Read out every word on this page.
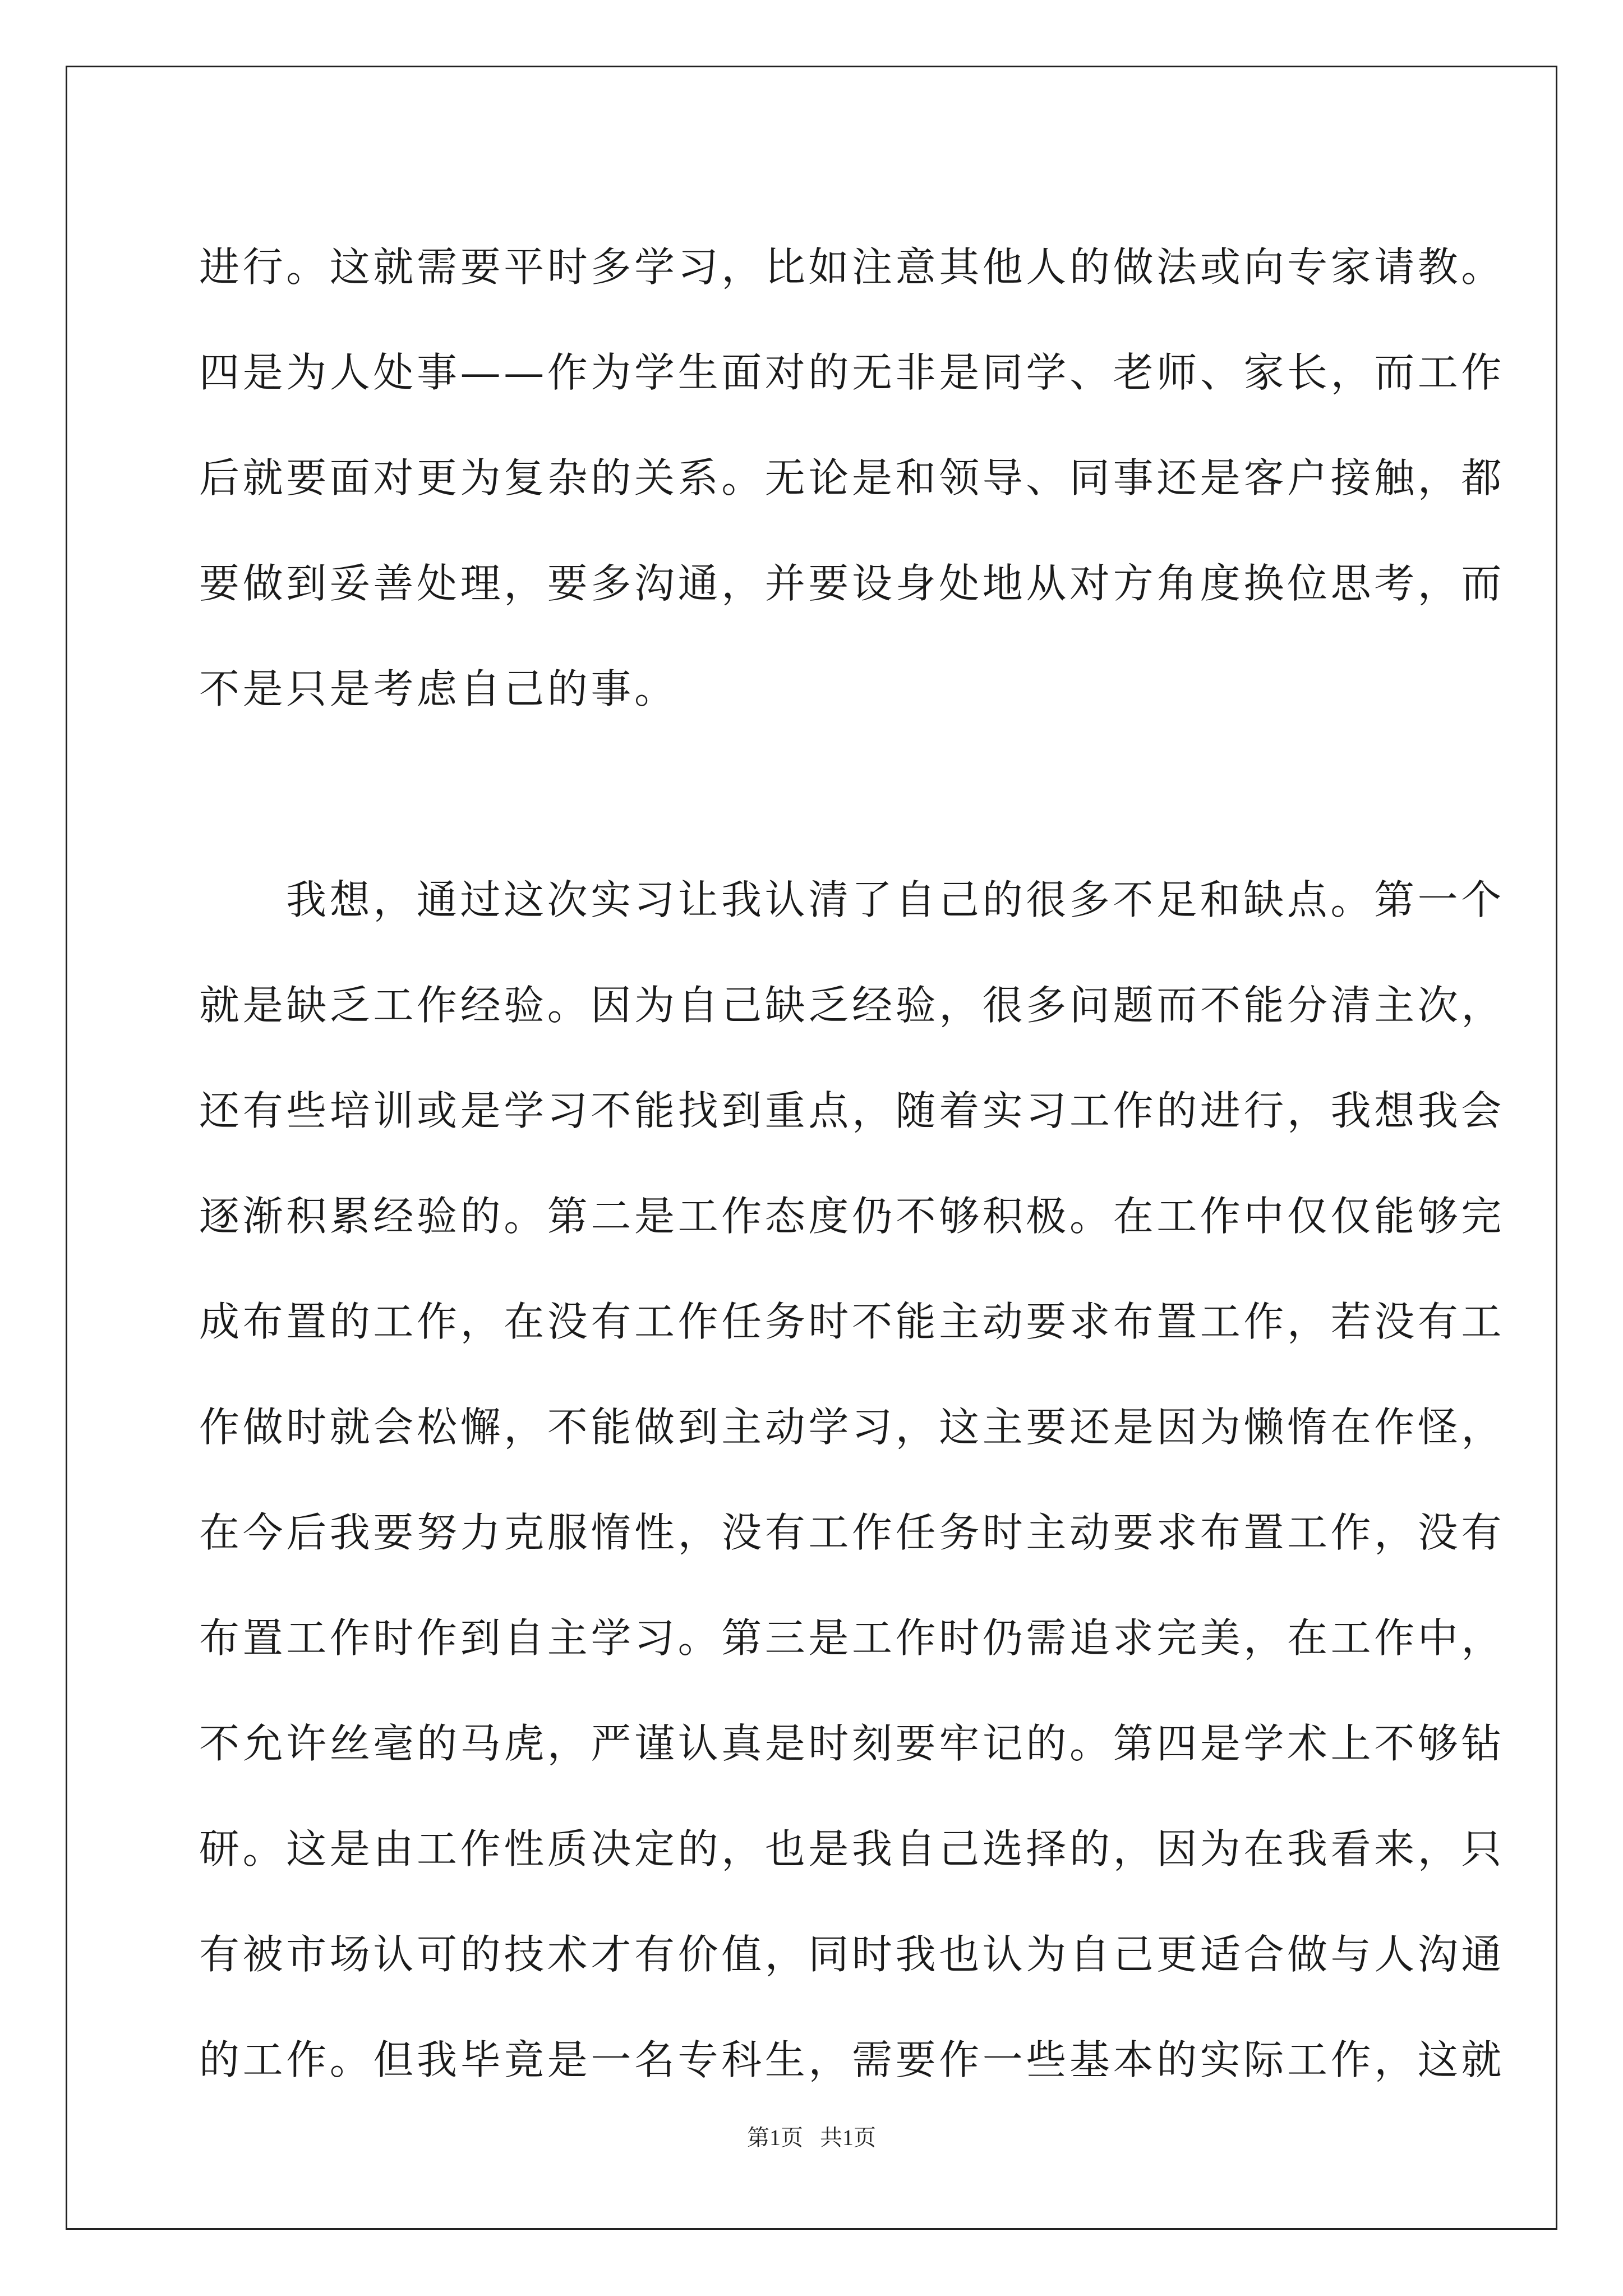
进行。这就需要平时多学习，比如注意其他人的做法或向专家请教。
四是为人处事——作为学生面对的无非是同学、老师、家长，而工作
后就要面对更为复杂的关系。无论是和领导、同事还是客户接触，都
要做到妥善处理，要多沟通，并要设身处地从对方角度换位思考，而
不是只是考虑自己的事。
我想，通过这次实习让我认清了自己的很多不足和缺点。第一个
就是缺乏工作经验。因为自己缺乏经验，很多问题而不能分清主次，
还有些培训或是学习不能找到重点，随着实习工作的进行，我想我会
逐渐积累经验的。第二是工作态度仍不够积极。在工作中仅仅能够完
成布置的工作，在没有工作任务时不能主动要求布置工作，若没有工
作做时就会松懈，不能做到主动学习，这主要还是因为懒惰在作怪，
在今后我要努力克服惰性，没有工作任务时主动要求布置工作，没有
布置工作时作到自主学习。第三是工作时仍需追求完美，在工作中，
不允许丝毫的马虎，严谨认真是时刻要牢记的。第四是学术上不够钻
研。这是由工作性质决定的，也是我自己选择的，因为在我看来，只
有被市场认可的技术才有价值，同时我也认为自己更适合做与人沟通
的工作。但我毕竟是一名专科生，需要作一些基本的实际工作，这就
第1页   共1页
